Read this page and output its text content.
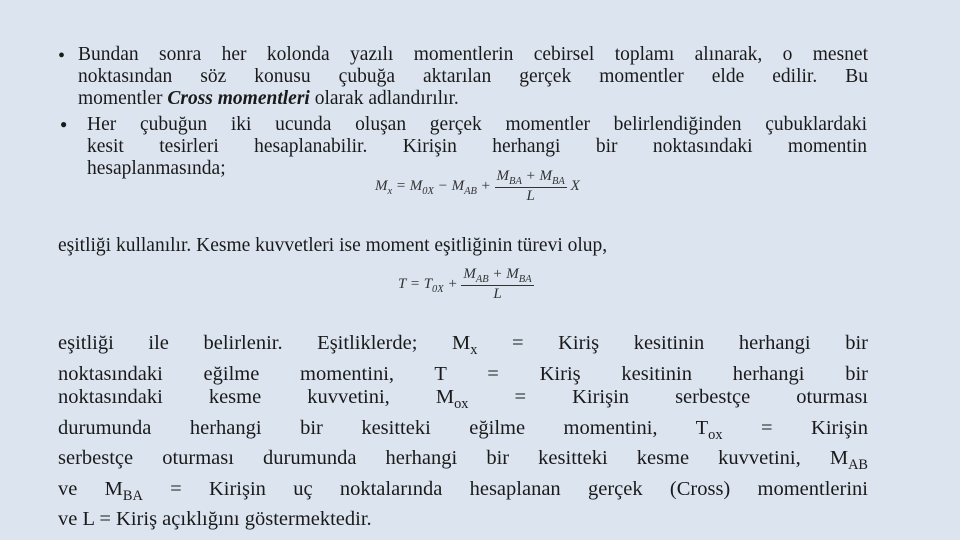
• Bundan sonra her kolonda yazılı momentlerin cebirsel toplamı alınarak, o mesnet
noktasından söz konusu çubuğa aktarılan gerçek momentler elde edilir. Bu
momentler Cross momentleri olarak adlandırılır.
● Her çubuğun iki ucunda oluşan gerçek momentler belirlendiğinden çubuklardaki
kesit tesirleri hesaplanabilir. Kirişin herhangi bir noktasındaki momentin
hesaplanmasında;
$M_x = M_{0X} - M_{AB} + \frac{M_{BA} + M_{BA}}{L}$ X
eşitliği kullanılır. Kesme kuvvetleri ise moment eşitliğinin türevi olup,
$T = T_{0X} + \frac{M_{AB} + M_{BA}}{L}$
eşitliği ile belirlenir. Eşitliklerde; $M_x$ = Kiriş kesitinin herhangi bir
noktasındaki eğilme momentini, T = Kiriş kesitinin herhangi bir
noktasındaki kesme kuvvetini, $M_{ox}$ = Kirişin serbestçe oturması
durumunda herhangi bir kesitteki eğilme momentini, $T_{ox}$ = Kirişin
serbestçe oturması durumunda herhangi bir kesitteki kesme kuvvetini, $M_{AB}$
ve $M_{BA}$ = Kirişin uç noktalarında hesaplanan gerçek (Cross) momentlerini
ve L = Kiriş açıklığını göstermektedir.
